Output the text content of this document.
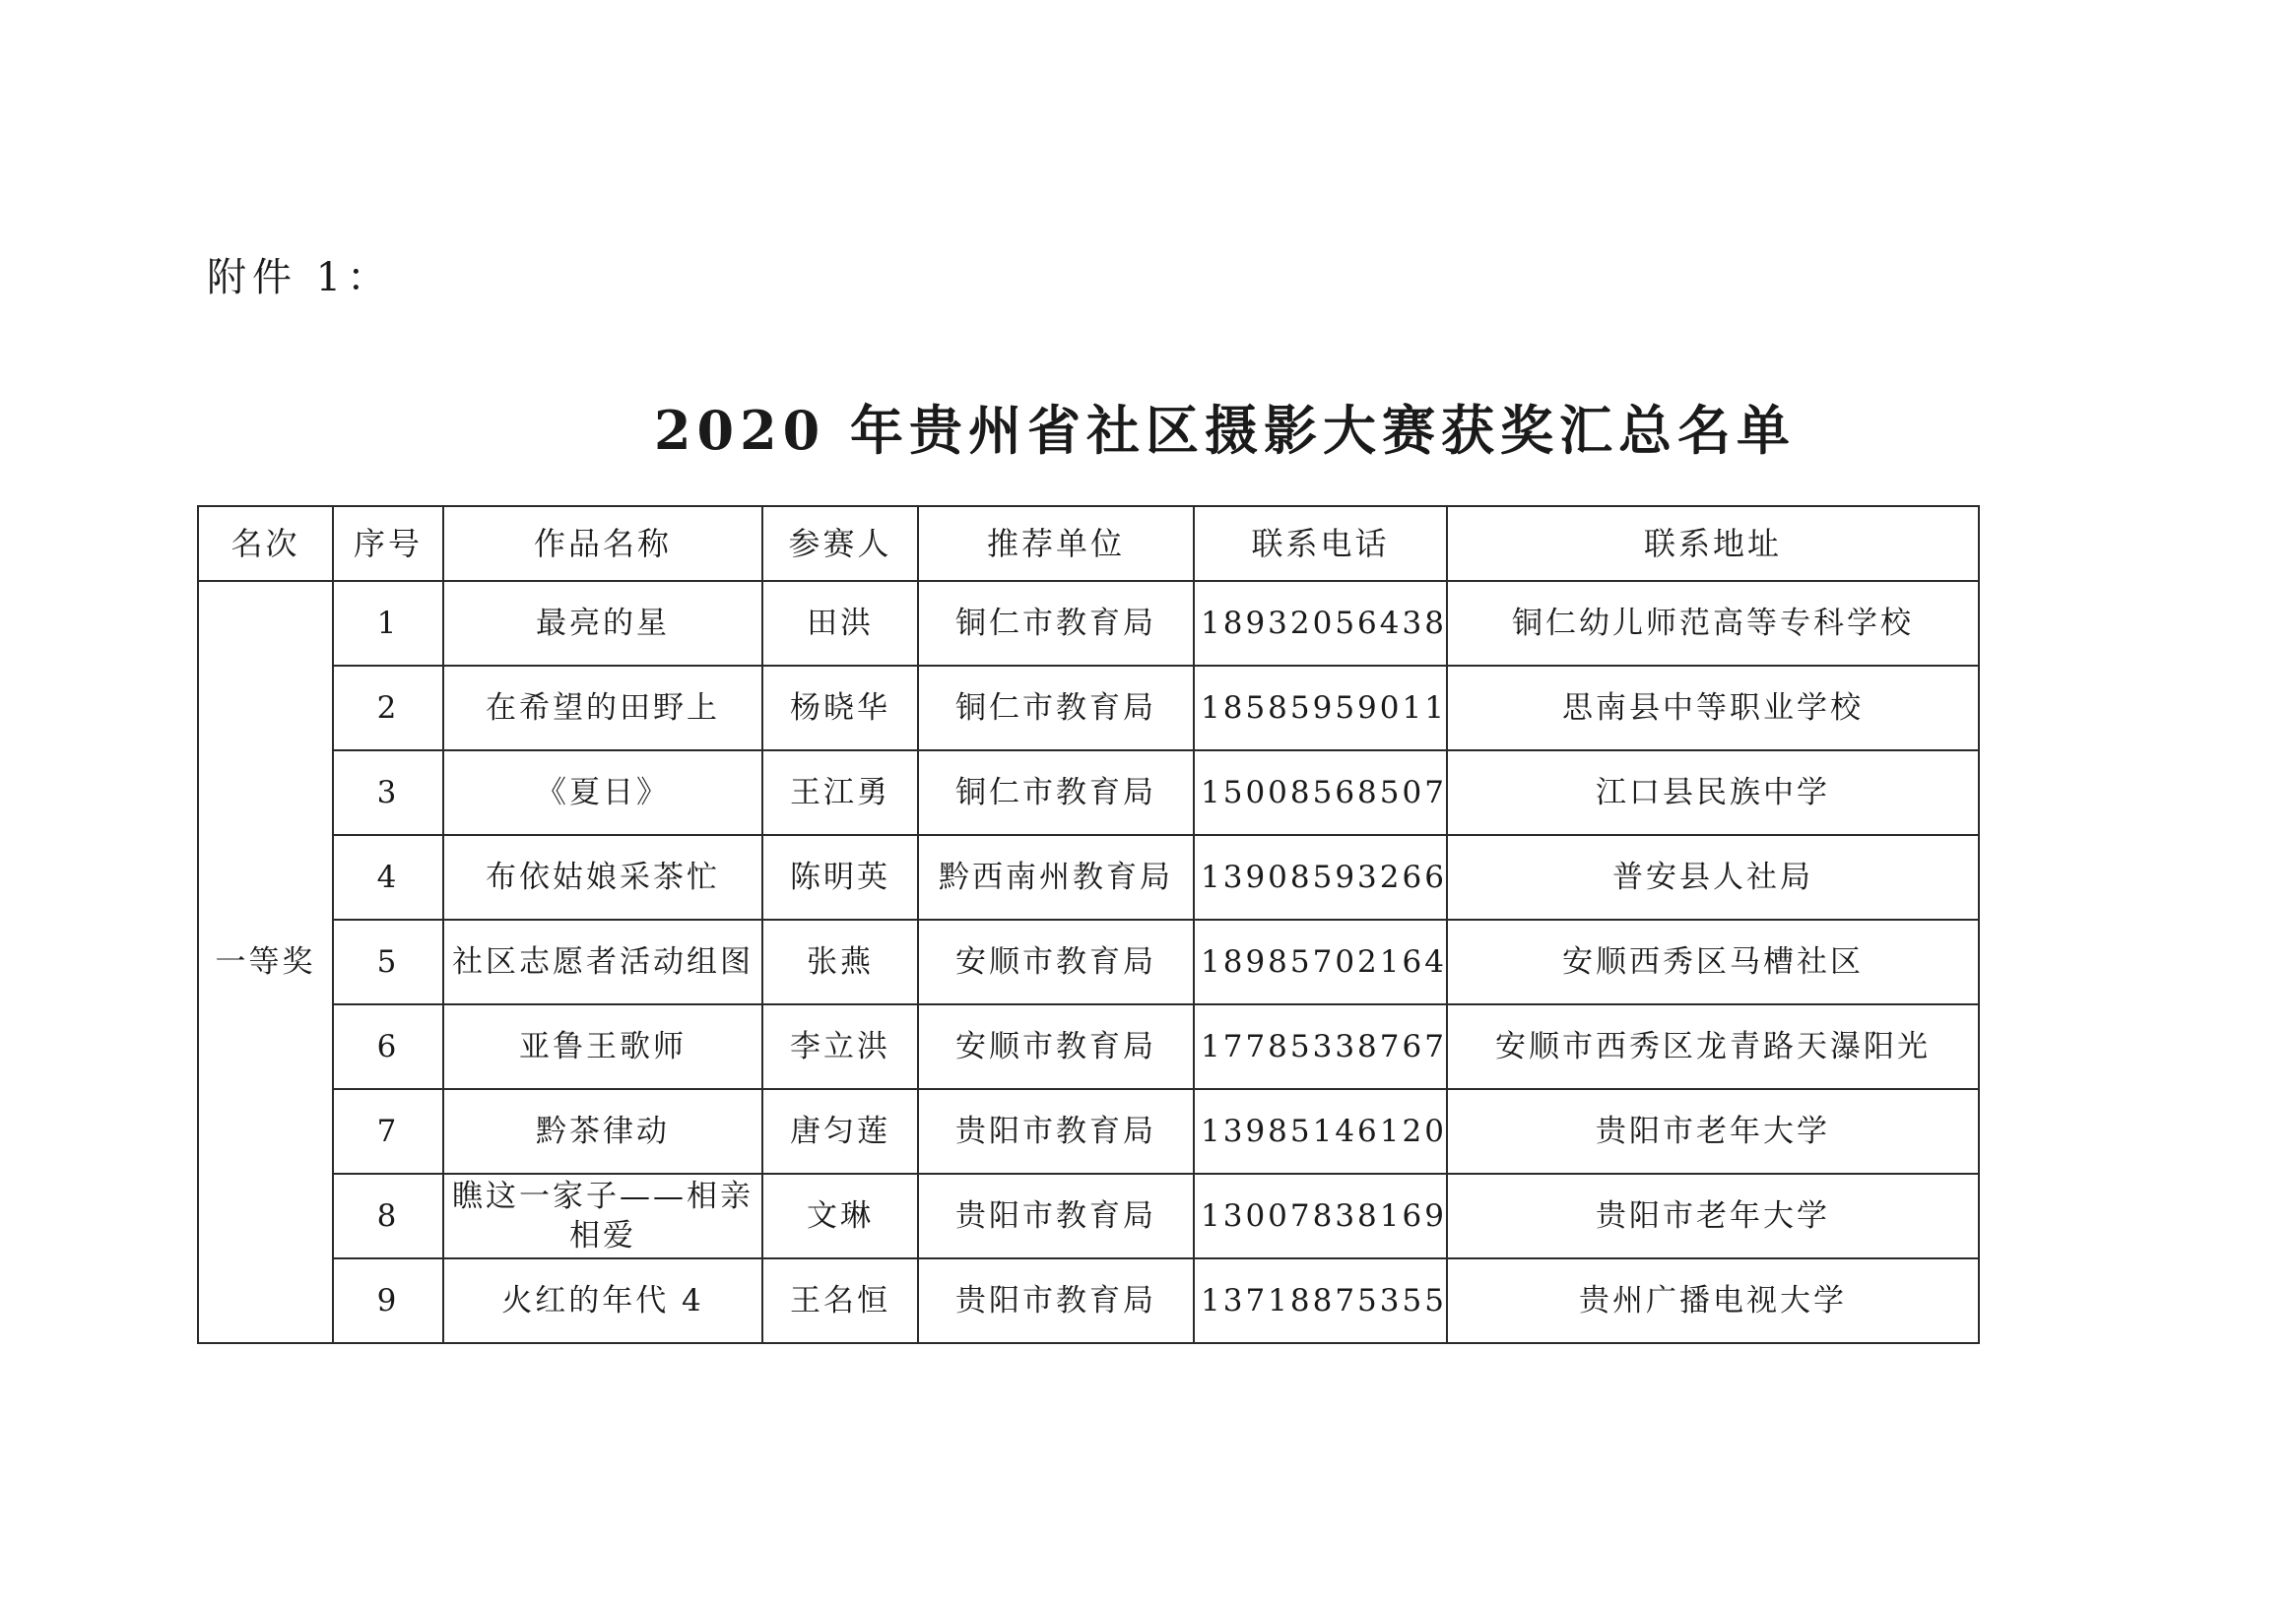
附件 1：
2020 年贵州省社区摄影大赛获奖汇总名单
名次	序号	作品名称	参赛人	推荐单位	联系电话	联系地址
一等奖	1	最亮的星	田洪	铜仁市教育局	18932056438	铜仁幼儿师范高等专科学校
	2	在希望的田野上	杨晓华	铜仁市教育局	18585959011	思南县中等职业学校
	3	《夏日》	王江勇	铜仁市教育局	15008568507	江口县民族中学
	4	布依姑娘采茶忙	陈明英	黔西南州教育局	13908593266	普安县人社局
	5	社区志愿者活动组图	张燕	安顺市教育局	18985702164	安顺西秀区马槽社区
	6	亚鲁王歌师	李立洪	安顺市教育局	17785338767	安顺市西秀区龙青路天瀑阳光
	7	黔茶律动	唐匀莲	贵阳市教育局	13985146120	贵阳市老年大学
	8	瞧这一家子——相亲相爱	文琳	贵阳市教育局	13007838169	贵阳市老年大学
	9	火红的年代 4	王名恒	贵阳市教育局	13718875355	贵州广播电视大学
